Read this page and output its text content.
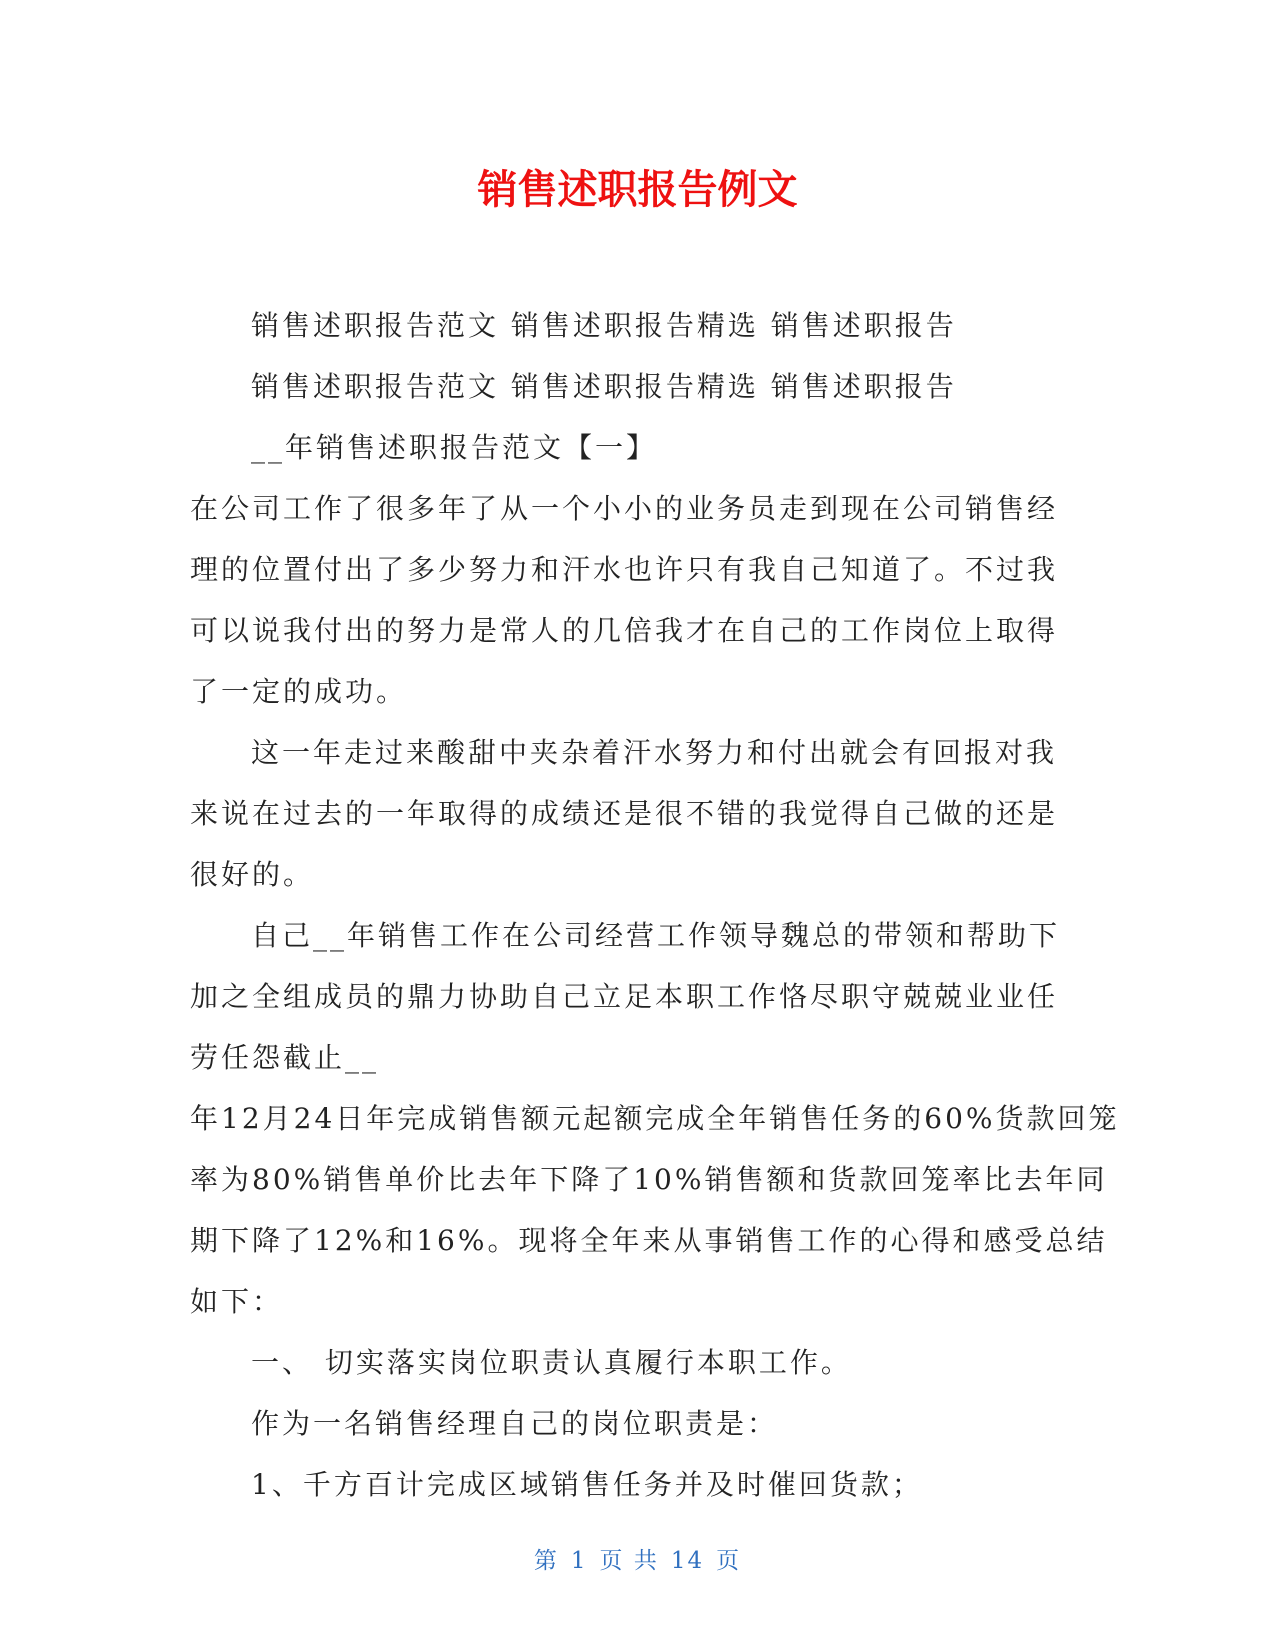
销售述职报告例文

销售述职报告范文 销售述职报告精选 销售述职报告

销售述职报告范文 销售述职报告精选 销售述职报告

__年销售述职报告范文【一】

在公司工作了很多年了从一个小小的业务员走到现在公司销售经

理的位置付出了多少努力和汗水也许只有我自己知道了。不过我

可以说我付出的努力是常人的几倍我才在自己的工作岗位上取得

了一定的成功。

这一年走过来酸甜中夹杂着汗水努力和付出就会有回报对我

来说在过去的一年取得的成绩还是很不错的我觉得自己做的还是

很好的。

自己__年销售工作在公司经营工作领导魏总的带领和帮助下

加之全组成员的鼎力协助自己立足本职工作恪尽职守兢兢业业任

劳任怨截止__

年12月24日年完成销售额元起额完成全年销售任务的60%货款回笼

率为80%销售单价比去年下降了10%销售额和货款回笼率比去年同

期下降了12%和16%。现将全年来从事销售工作的心得和感受总结

如下：

一、 切实落实岗位职责认真履行本职工作。

作为一名销售经理自己的岗位职责是：

1、千方百计完成区域销售任务并及时催回货款；

第 1 页 共 14 页
